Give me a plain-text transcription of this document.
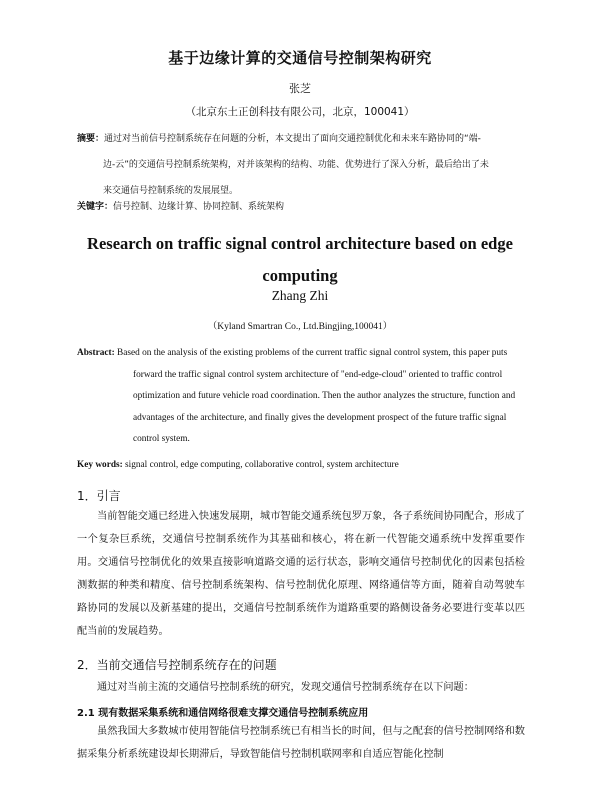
基于边缘计算的交通信号控制架构研究
张芝
（北京东土正创科技有限公司，北京，100041）
摘要：通过对当前信号控制系统存在问题的分析，本文提出了面向交通控制优化和未来车路协同的“端-
边-云”的交通信号控制系统架构，对并该架构的结构、功能、优势进行了深入分析，最后给出了未
来交通信号控制系统的发展展望。
关键字：信号控制、边缘计算、协同控制、系统架构
Research on traffic signal control architecture based on edge
computing
Zhang Zhi
（Kyland Smartran Co., Ltd.Bingjing,100041）
Abstract: Based on the analysis of the existing problems of the current traffic signal control system, this paper puts
forward the traffic signal control system architecture of "end-edge-cloud" oriented to traffic control
optimization and future vehicle road coordination. Then the author analyzes the structure, function and
advantages of the architecture, and finally gives the development prospect of the future traffic signal
control system.
Key words: signal control, edge computing, collaborative control, system architecture
1．引言
当前智能交通已经进入快速发展期，城市智能交通系统包罗万象，各子系统间协同配合，形成了一个复杂巨系统，交通信号控制系统作为其基础和核心，将在新一代智能交通系统中发挥重要作用。交通信号控制优化的效果直接影响道路交通的运行状态，影响交通信号控制优化的因素包括检测数据的种类和精度、信号控制系统架构、信号控制优化原理、网络通信等方面，随着自动驾驶车路协同的发展以及新基建的提出，交通信号控制系统作为道路重要的路侧设备务必要进行变革以匹配当前的发展趋势。
2．当前交通信号控制系统存在的问题
通过对当前主流的交通信号控制系统的研究，发现交通信号控制系统存在以下问题：
2.1 现有数据采集系统和通信网络很难支撑交通信号控制系统应用
虽然我国大多数城市使用智能信号控制系统已有相当长的时间，但与之配套的信号控制网络和数据采集分析系统建设却长期滞后，导致智能信号控制机联网率和自适应智能化控制
